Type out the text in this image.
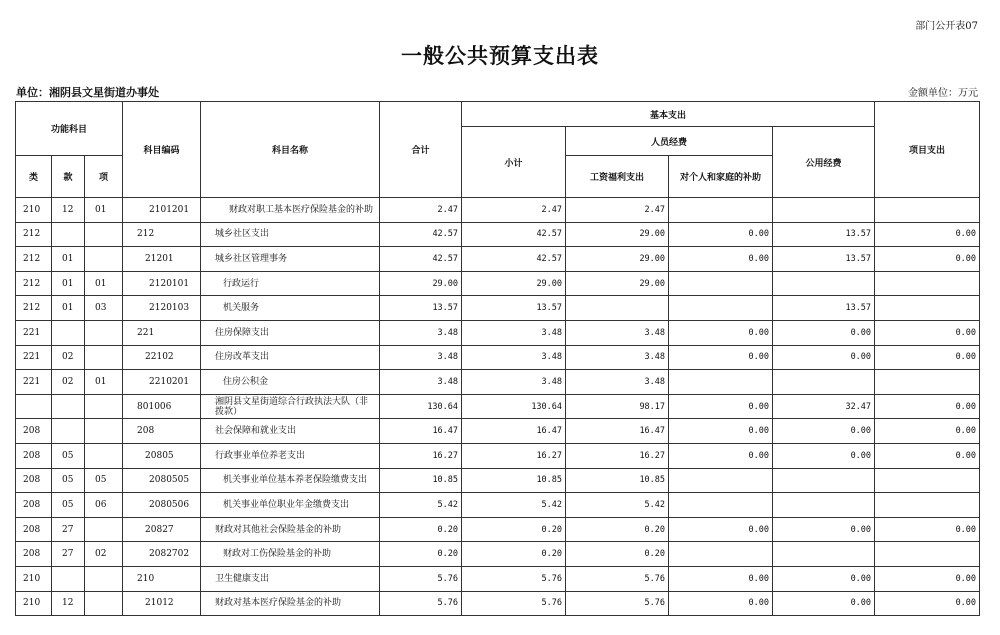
部门公开表07
一般公共预算支出表
单位：湘阴县文星街道办事处	金额单位：万元
功能科目			科目编码	科目名称	合计	基本支出				项目支出
						小计	人员经费		公用经费	
类	款	项					工资福利支出	对个人和家庭的补助		
210	12	01	2101201	财政对职工基本医疗保险基金的补助	2.47	2.47	2.47			
212			212	城乡社区支出	42.57	42.57	29.00	0.00	13.57	0.00
212	01		21201	城乡社区管理事务	42.57	42.57	29.00	0.00	13.57	0.00
212	01	01	2120101	行政运行	29.00	29.00	29.00			
212	01	03	2120103	机关服务	13.57	13.57			13.57	
221			221	住房保障支出	3.48	3.48	3.48	0.00	0.00	0.00
221	02		22102	住房改革支出	3.48	3.48	3.48	0.00	0.00	0.00
221	02	01	2210201	住房公积金	3.48	3.48	3.48			
			801006	湘阴县文星街道综合行政执法大队（非拨款）	130.64	130.64	98.17	0.00	32.47	0.00
208			208	社会保障和就业支出	16.47	16.47	16.47	0.00	0.00	0.00
208	05		20805	行政事业单位养老支出	16.27	16.27	16.27	0.00	0.00	0.00
208	05	05	2080505	机关事业单位基本养老保险缴费支出	10.85	10.85	10.85			
208	05	06	2080506	机关事业单位职业年金缴费支出	5.42	5.42	5.42			
208	27		20827	财政对其他社会保险基金的补助	0.20	0.20	0.20	0.00	0.00	0.00
208	27	02	2082702	财政对工伤保险基金的补助	0.20	0.20	0.20			
210			210	卫生健康支出	5.76	5.76	5.76	0.00	0.00	0.00
210	12		21012	财政对基本医疗保险基金的补助	5.76	5.76	5.76	0.00	0.00	0.00
